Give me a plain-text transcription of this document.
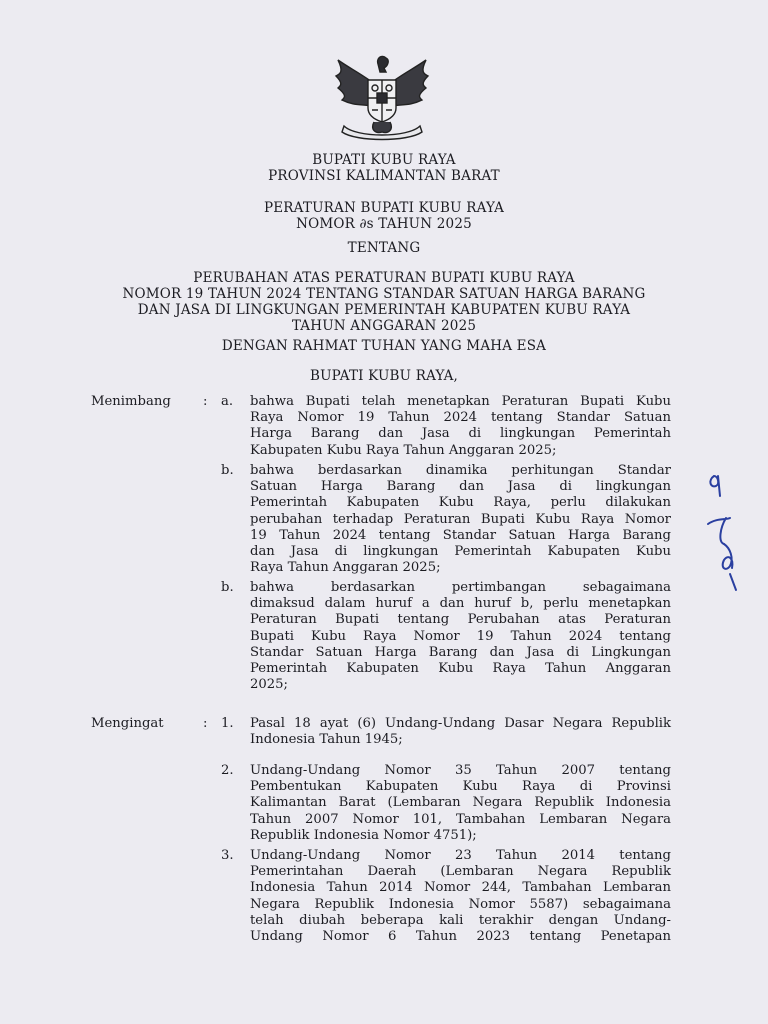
BUPATI KUBU RAYA
PROVINSI KALIMANTAN BARAT
PERATURAN BUPATI KUBU RAYA
NOMOR ∂ѕ TAHUN 2025
TENTANG
PERUBAHAN ATAS PERATURAN BUPATI KUBU RAYA
NOMOR 19 TAHUN 2024 TENTANG STANDAR SATUAN HARGA BARANG
DAN JASA DI LINGKUNGAN PEMERINTAH KABUPATEN KUBU RAYA
TAHUN ANGGARAN 2025
DENGAN RAHMAT TUHAN YANG MAHA ESA
BUPATI KUBU RAYA,
Menimbang : a. bahwa Bupati telah menetapkan Peraturan Bupati Kubu
Raya Nomor 19 Tahun 2024 tentang Standar Satuan
Harga Barang dan Jasa di lingkungan Pemerintah
Kabupaten Kubu Raya Tahun Anggaran 2025;
b. bahwa berdasarkan dinamika perhitungan Standar
Satuan Harga Barang dan Jasa di lingkungan
Pemerintah Kabupaten Kubu Raya, perlu dilakukan
perubahan terhadap Peraturan Bupati Kubu Raya Nomor
19 Tahun 2024 tentang Standar Satuan Harga Barang
dan Jasa di lingkungan Pemerintah Kabupaten Kubu
Raya Tahun Anggaran 2025;
b. bahwa berdasarkan pertimbangan sebagaimana
dimaksud dalam huruf a dan huruf b, perlu menetapkan
Peraturan Bupati tentang Perubahan atas Peraturan
Bupati Kubu Raya Nomor 19 Tahun 2024 tentang
Standar Satuan Harga Barang dan Jasa di Lingkungan
Pemerintah Kabupaten Kubu Raya Tahun Anggaran
2025;
Mengingat	: 1. Pasal 18 ayat (6) Undang-Undang Dasar Negara Republik
Indonesia Tahun 1945;
2. Undang-Undang Nomor 35 Tahun 2007 tentang
Pembentukan Kabupaten Kubu Raya di Provinsi
Kalimantan Barat (Lembaran Negara Republik Indonesia
Tahun 2007 Nomor 101, Tambahan Lembaran Negara
Republik Indonesia Nomor 4751);
3. Undang-Undang Nomor 23 Tahun 2014 tentang
Pemerintahan Daerah (Lembaran Negara Republik
Indonesia Tahun 2014 Nomor 244, Tambahan Lembaran
Negara Republik Indonesia Nomor 5587) sebagaimana
telah diubah beberapa kali terakhir dengan Undang-
Undang Nomor 6 Tahun 2023 tentang Penetapan
